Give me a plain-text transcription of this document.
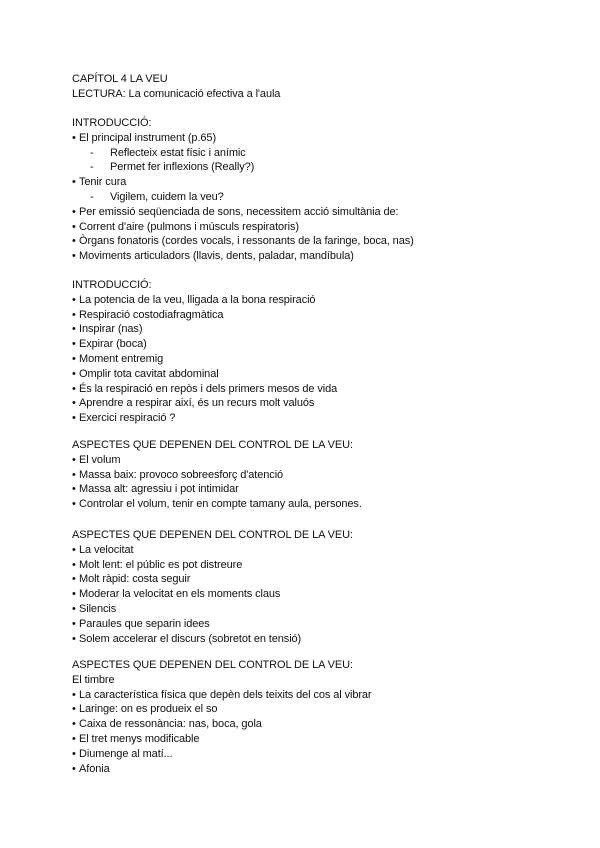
CAPÍTOL 4 LA VEU
LECTURA: La comunicació efectiva a l'aula
INTRODUCCIÓ:
• El principal instrument (p.65)
- Reflecteix estat físic i anímic
- Permet fer inflexions (Really?)
• Tenir cura
- Vigilem, cuidem la veu?
• Per emissió seqüenciada de sons, necessitem acció simultània de:
• Corrent d'aire (pulmons i músculs respiratoris)
• Òrgans fonatoris (cordes vocals, i ressonants de la faringe, boca, nas)
• Moviments articuladors (llavis, dents, paladar, mandíbula)
INTRODUCCIÓ:
• La potencia de la veu, lligada a la bona respiració
• Respiració costodiafragmàtica
• Inspirar (nas)
• Expirar (boca)
• Moment entremig
• Omplir tota cavitat abdominal
• És la respiració en repòs i dels primers mesos de vida
• Aprendre a respirar així, és un recurs molt valuós
• Exercici respiració ?
ASPECTES QUE DEPENEN DEL CONTROL DE LA VEU:
• El volum
• Massa baix: provoco sobreesforç d'atenció
• Massa alt: agressiu i pot intimidar
• Controlar el volum, tenir en compte tamany aula, persones.
ASPECTES QUE DEPENEN DEL CONTROL DE LA VEU:
• La velocitat
• Molt lent: el públic es pot distreure
• Molt ràpid: costa seguir
• Moderar la velocitat en els moments claus
• Silencis
• Paraules que separin idees
• Solem accelerar el discurs (sobretot en tensió)
ASPECTES QUE DEPENEN DEL CONTROL DE LA VEU:
El timbre
• La característica física que depèn dels teixits del cos al vibrar
• Laringe: on es produeix el so
• Caixa de ressonància: nas, boca, gola
• El tret menys modificable
• Diumenge al matí...
• Afonia
